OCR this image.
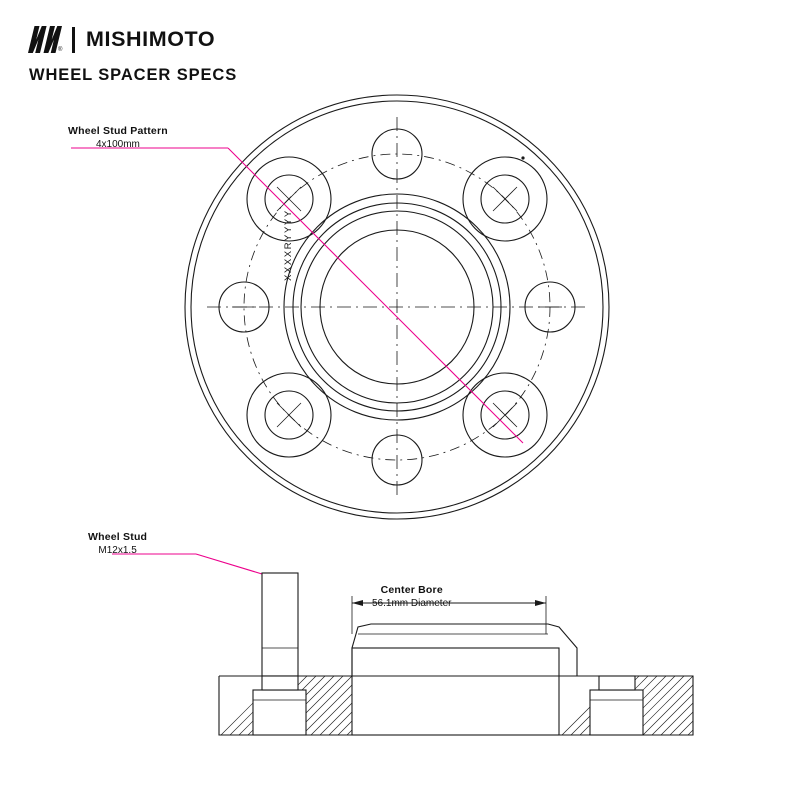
® MISHIMOTO
WHEEL SPACER SPECS
Wheel Stud Pattern
4x100mm
Wheel Stud
M12x1.5
Center Bore
56.1mm Diameter
XXXXRYYYY
